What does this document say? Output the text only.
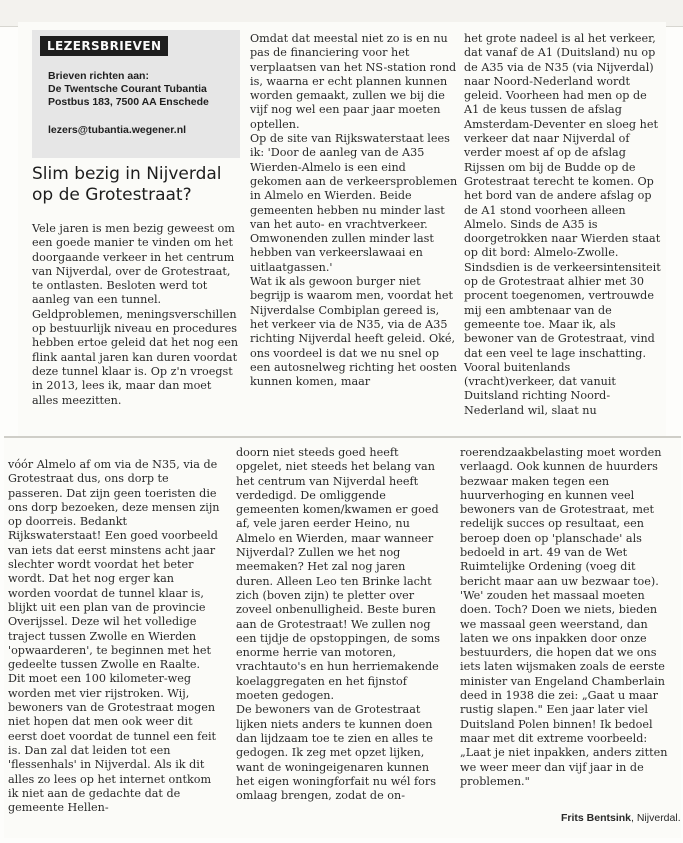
LEZERSBRIEVEN
Brieven richten aan:
De Twentsche Courant Tubantia
Postbus 183, 7500 AA Enschede
lezers@tubantia.wegener.nl
Slim bezig in Nijverdal op de Grotestraat?

Vele jaren is men bezig geweest om een goede manier te vinden om het doorgaande verkeer in het centrum van Nijverdal, over de Grotestraat, te ontlasten. Besloten werd tot aanleg van een tunnel. Geldproblemen, meningsverschillen op bestuurlijk niveau en procedures hebben ertoe geleid dat het nog een flink aantal jaren kan duren voordat deze tunnel klaar is. Op z'n vroegst in 2013, lees ik, maar dan moet alles meezitten.

Omdat dat meestal niet zo is en nu pas de financiering voor het verplaatsen van het NS-station rond is, waarna er echt plannen kunnen worden gemaakt, zullen we bij die vijf nog wel een paar jaar moeten optellen.

Op de site van Rijkswaterstaat lees ik: 'Door de aanleg van de A35 Wierden-Almelo is een eind gekomen aan de verkeersproblemen in Almelo en Wierden. Beide gemeenten hebben nu minder last van het auto- en vrachtverkeer. Omwonenden zullen minder last hebben van verkeerslawaai en uitlaatgassen.'

Wat ik als gewoon burger niet begrijp is waarom men, voordat het Nijverdalse Combiplan gereed is, het verkeer via de N35, via de A35 richting Nijverdal heeft geleid. Oké, ons voordeel is dat we nu snel op een autosnelweg richting het oosten kunnen komen, maar

het grote nadeel is al het verkeer, dat vanaf de A1 (Duitsland) nu op de A35 via de N35 (via Nijverdal) naar Noord-Nederland wordt geleid. Voorheen had men op de A1 de keus tussen de afslag Amsterdam-Deventer en sloeg het verkeer dat naar Nijverdal of verder moest af op de afslag Rijssen om bij de Budde op de Grotestraat terecht te komen. Op het bord van de andere afslag op de A1 stond voorheen alleen Almelo. Sinds de A35 is doorgetrokken naar Wierden staat op dit bord: Almelo-Zwolle. Sindsdien is de verkeersintensiteit op de Grotestraat alhier met 30 procent toegenomen, vertrouwde mij een ambtenaar van de gemeente toe. Maar ik, als bewoner van de Grotestraat, vind dat een veel te lage inschatting. Vooral buitenlands (vracht)verkeer, dat vanuit Duitsland richting Noord-Nederland wil, slaat nu

vóór Almelo af om via de N35, via de Grotestraat dus, ons dorp te passeren. Dat zijn geen toeristen die ons dorp bezoeken, deze mensen zijn op doorreis. Bedankt Rijkswaterstaat! Een goed voorbeeld van iets dat eerst minstens acht jaar slechter wordt voordat het beter wordt. Dat het nog erger kan worden voordat de tunnel klaar is, blijkt uit een plan van de provincie Overijssel. Deze wil het volledige traject tussen Zwolle en Wierden 'opwaarderen', te beginnen met het gedeelte tussen Zwolle en Raalte. Dit moet een 100 kilometer-weg worden met vier rijstroken. Wij, bewoners van de Grotestraat mogen niet hopen dat men ook weer dit eerst doet voordat de tunnel een feit is. Dan zal dat leiden tot een 'flessenhals' in Nijverdal. Als ik dit alles zo lees op het internet ontkom ik niet aan de gedachte dat de gemeente Hellen-

doorn niet steeds goed heeft opgelet, niet steeds het belang van het centrum van Nijverdal heeft verdedigd. De omliggende gemeenten komen/kwamen er goed af, vele jaren eerder Heino, nu Almelo en Wierden, maar wanneer Nijverdal? Zullen we het nog meemaken? Het zal nog jaren duren. Alleen Leo ten Brinke lacht zich (boven zijn) te pletter over zoveel onbenulligheid. Beste buren aan de Grotestraat! We zullen nog een tijdje de opstoppingen, de soms enorme herrie van motoren, vrachtauto's en hun herriemakende koelaggregaten en het fijnstof moeten gedogen.

De bewoners van de Grotestraat lijken niets anders te kunnen doen dan lijdzaam toe te zien en alles te gedogen. Ik zeg met opzet lijken, want de woningeigenaren kunnen het eigen woningforfait nu wél fors omlaag brengen, zodat de on-

roerendzaakbelasting moet worden verlaagd. Ook kunnen de huurders bezwaar maken tegen een huurverhoging en kunnen veel bewoners van de Grotestraat, met redelijk succes op resultaat, een beroep doen op 'planschade' als bedoeld in art. 49 van de Wet Ruimtelijke Ordening (voeg dit bericht maar aan uw bezwaar toe). 'We' zouden het massaal moeten doen. Toch? Doen we niets, bieden we massaal geen weerstand, dan laten we ons inpakken door onze bestuurders, die hopen dat we ons iets laten wijsmaken zoals de eerste minister van Engeland Chamberlain deed in 1938 die zei: „Gaat u maar rustig slapen." Een jaar later viel Duitsland Polen binnen! Ik bedoel maar met dit extreme voorbeeld: „Laat je niet inpakken, anders zitten we weer meer dan vijf jaar in de problemen."

Frits Bentsink, Nijverdal.
